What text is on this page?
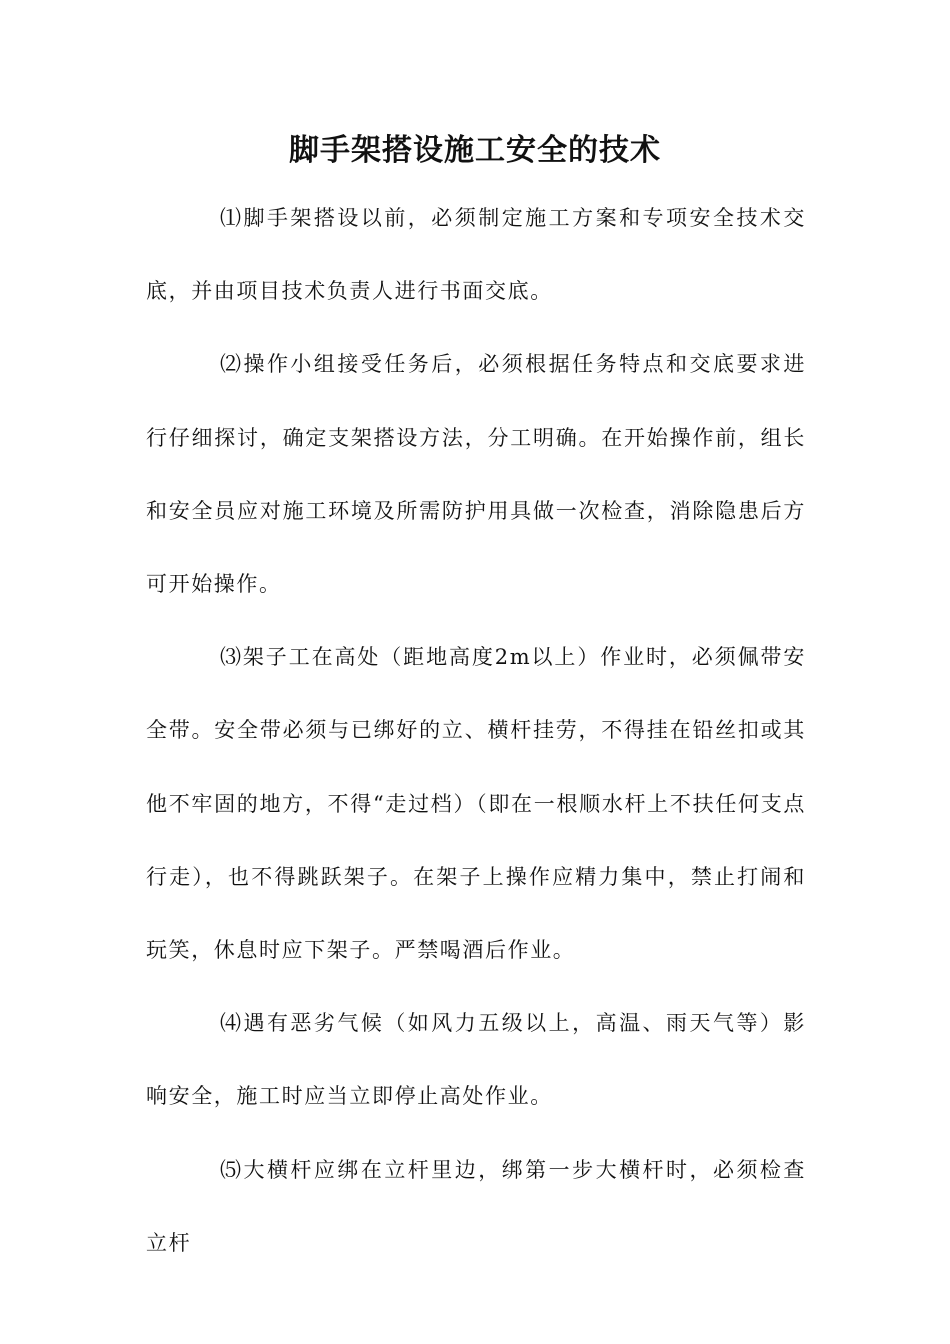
脚手架搭设施工安全的技术

⑴脚手架搭设以前，必须制定施工方案和专项安全技术交底，并由项目技术负责人进行书面交底。

⑵操作小组接受任务后，必须根据任务特点和交底要求进行仔细探讨，确定支架搭设方法，分工明确。在开始操作前，组长和安全员应对施工环境及所需防护用具做一次检查，消除隐患后方可开始操作。

⑶架子工在高处（距地高度2m以上）作业时，必须佩带安全带。安全带必须与已绑好的立、横杆挂劳，不得挂在铅丝扣或其他不牢固的地方，不得“走过档）（即在一根顺水杆上不扶任何支点行走），也不得跳跃架子。在架子上操作应精力集中，禁止打闹和玩笑，休息时应下架子。严禁喝酒后作业。

⑷遇有恶劣气候（如风力五级以上，高温、雨天气等）影响安全，施工时应当立即停止高处作业。

⑸大横杆应绑在立杆里边，绑第一步大横杆时，必须检查立杆
